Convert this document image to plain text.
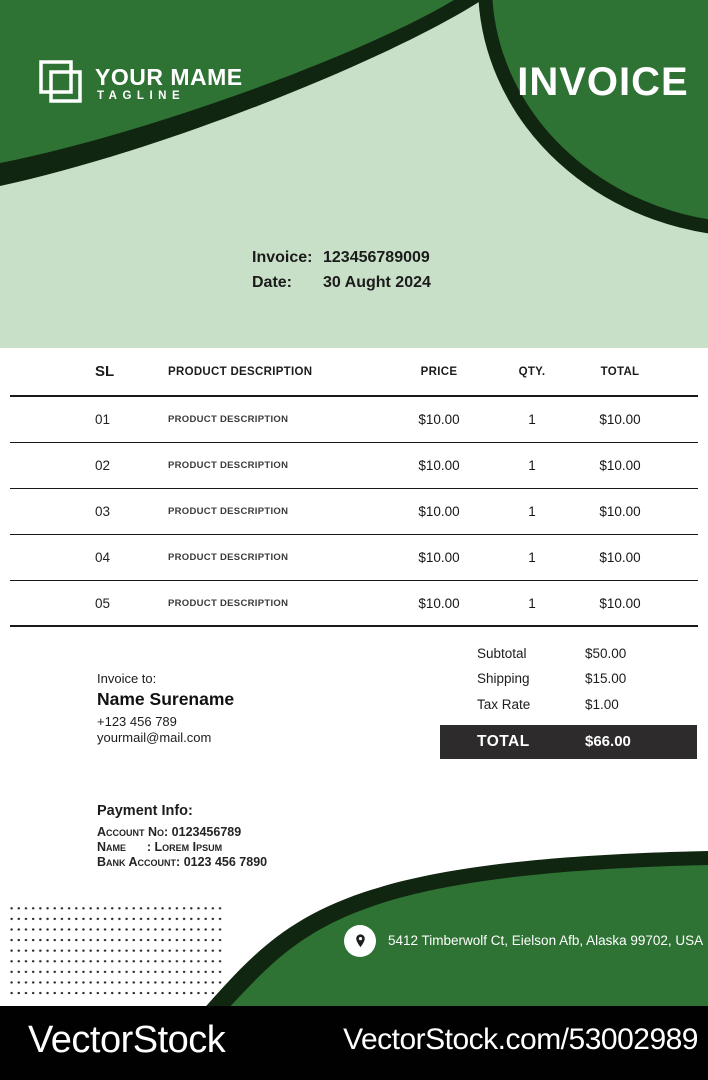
YOUR MAME
TAGLINE	INVOICE
Invoice: 123456789009
Date:	30 Aught 2024
SL	PRODUCT DESCRIPTION	PRICE	QTY.	TOTAL
01	PRODUCT DESCRIPTION	$10.00	1	$10.00
02	PRODUCT DESCRIPTION	$10.00	1	$10.00
03	PRODUCT DESCRIPTION	$10.00	1	$10.00
04	PRODUCT DESCRIPTION	$10.00	1	$10.00
05	PRODUCT DESCRIPTION	$10.00	1	$10.00
Subtotal	$50.00
Shipping	$15.00
Tax Rate	$1.00
TOTAL	$66.00
Invoice to:
Name Surename
+123 456 789
yourmail@mail.com
Payment Info:
Account No: 0123456789
Name      : Lorem Ipsum
Bank Account: 0123 456 7890
5412 Timberwolf Ct, Eielson Afb, Alaska 99702, USA
VectorStock	VectorStock.com/53002989
